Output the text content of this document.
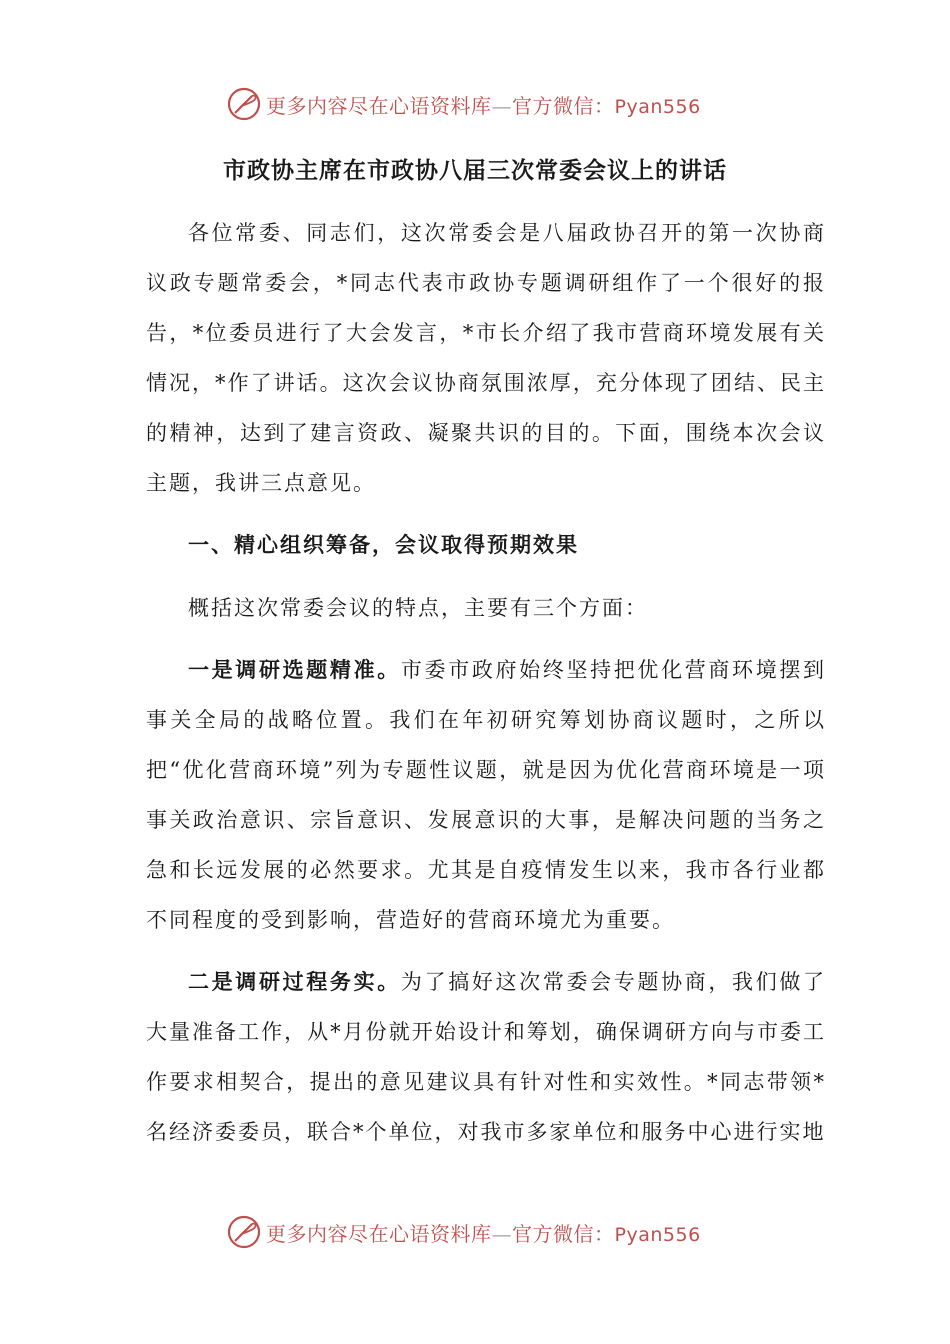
更多内容尽在心语资料库—官方微信：Pyan556
市政协主席在市政协八届三次常委会议上的讲话
各位常委、同志们，这次常委会是八届政协召开的第一次协商议政专题常委会，*同志代表市政协专题调研组作了一个很好的报告，*位委员进行了大会发言，*市长介绍了我市营商环境发展有关情况，*作了讲话。这次会议协商氛围浓厚，充分体现了团结、民主的精神，达到了建言资政、凝聚共识的目的。下面，围绕本次会议主题，我讲三点意见。
一、精心组织筹备，会议取得预期效果
概括这次常委会议的特点，主要有三个方面：
一是调研选题精准。市委市政府始终坚持把优化营商环境摆到事关全局的战略位置。我们在年初研究筹划协商议题时，之所以把“优化营商环境”列为专题性议题，就是因为优化营商环境是一项事关政治意识、宗旨意识、发展意识的大事，是解决问题的当务之急和长远发展的必然要求。尤其是自疫情发生以来，我市各行业都不同程度的受到影响，营造好的营商环境尤为重要。
二是调研过程务实。为了搞好这次常委会专题协商，我们做了大量准备工作，从*月份就开始设计和筹划，确保调研方向与市委工作要求相契合，提出的意见建议具有针对性和实效性。*同志带领*名经济委委员，联合*个单位，对我市多家单位和服务中心进行实地
更多内容尽在心语资料库—官方微信：Pyan556
